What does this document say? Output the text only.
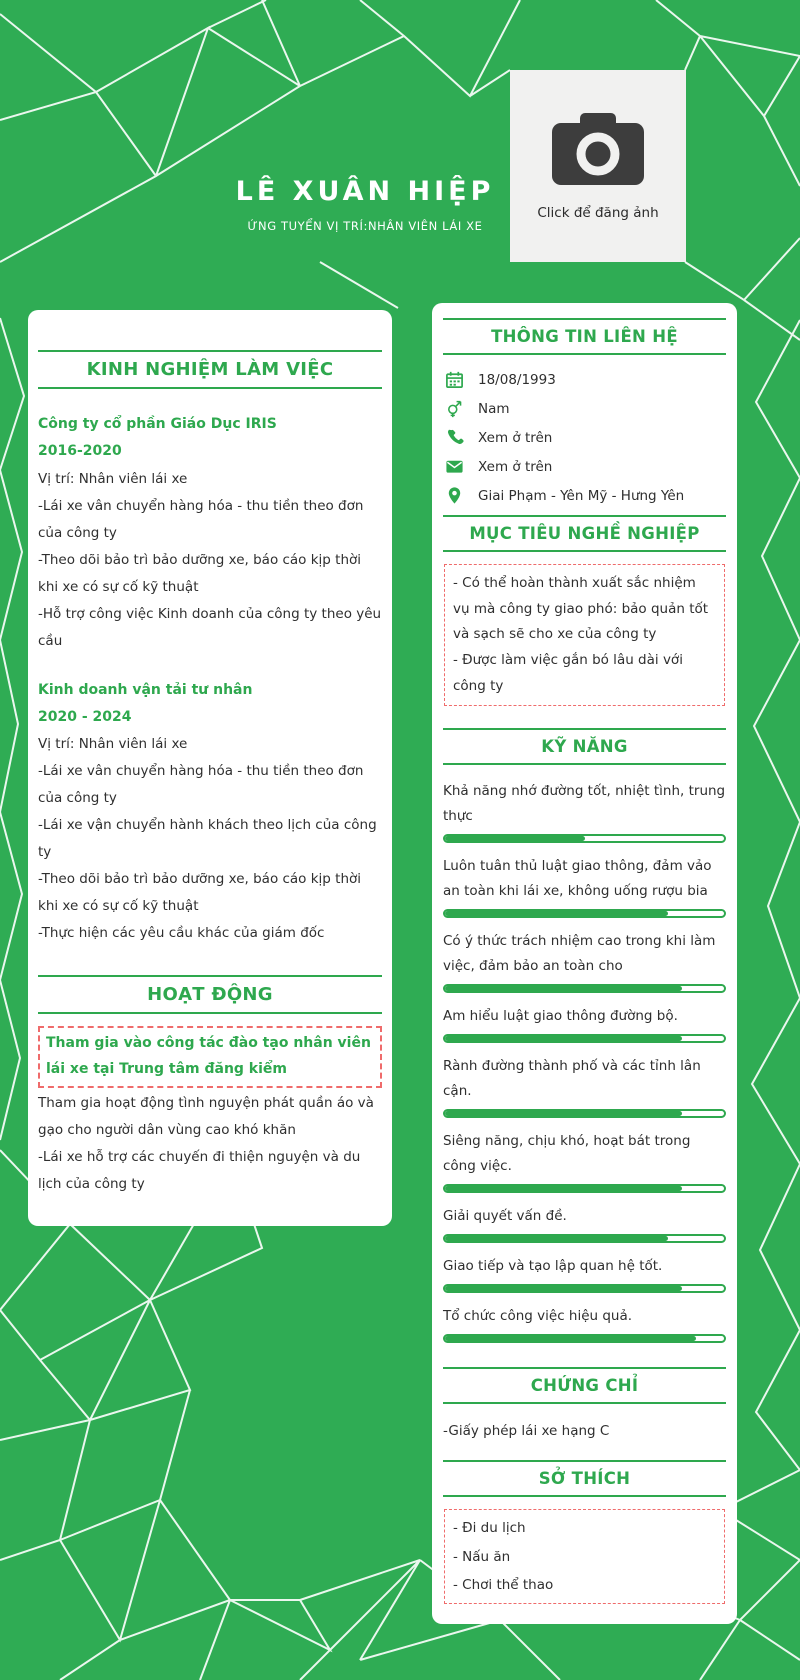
LÊ XUÂN HIỆP
ỨNG TUYỂN VỊ TRÍ:NHÂN VIÊN LÁI XE
Click để đăng ảnh
KINH NGHIỆM LÀM VIỆC
Công ty cổ phần Giáo Dục IRIS
2016-2020
Vị trí: Nhân viên lái xe
-Lái xe vân chuyển hàng hóa - thu tiền theo đơn của công ty
-Theo dõi bảo trì bảo dưỡng xe, báo cáo kịp thời khi xe có sự cố kỹ thuật
-Hỗ trợ công việc Kinh doanh của công ty theo yêu cầu
Kinh doanh vận tải tư nhân
2020 - 2024
Vị trí: Nhân viên lái xe
-Lái xe vân chuyển hàng hóa - thu tiền theo đơn của công ty
-Lái xe vận chuyển hành khách theo lịch của công ty
-Theo dõi bảo trì bảo dưỡng xe, báo cáo kịp thời khi xe có sự cố kỹ thuật
-Thực hiện các yêu cầu khác của giám đốc
HOẠT ĐỘNG
Tham gia vào công tác đào tạo nhân viên lái xe tại Trung tâm đăng kiểm
Tham gia hoạt động tình nguyện phát quần áo và gạo cho người dân vùng cao khó khăn
-Lái xe hỗ trợ các chuyến đi thiện nguyện và du lịch của công ty
THÔNG TIN LIÊN HỆ
18/08/1993
Nam
Xem ở trên
Xem ở trên
Giai Phạm - Yên Mỹ - Hưng Yên
MỤC TIÊU NGHỀ NGHIỆP
- Có thể hoàn thành xuất sắc nhiệm vụ mà công ty giao phó: bảo quản tốt và sạch sẽ cho xe của công ty
- Được làm việc gắn bó lâu dài với công ty
KỸ NĂNG
Khả năng nhớ đường tốt, nhiệt tình, trung thực
Luôn tuân thủ luật giao thông, đảm vảo an toàn khi lái xe, không uống rượu bia
Có ý thức trách nhiệm cao trong khi làm việc, đảm bảo an toàn cho
Am hiểu luật giao thông đường bộ.
Rành đường thành phố và các tỉnh lân cận.
Siêng năng, chịu khó, hoạt bát trong công việc.
Giải quyết vấn đề.
Giao tiếp và tạo lập quan hệ tốt.
Tổ chức công việc hiệu quả.
CHỨNG CHỈ
-Giấy phép lái xe hạng C
SỞ THÍCH
- Đi du lịch
- Nấu ăn
- Chơi thể thao
